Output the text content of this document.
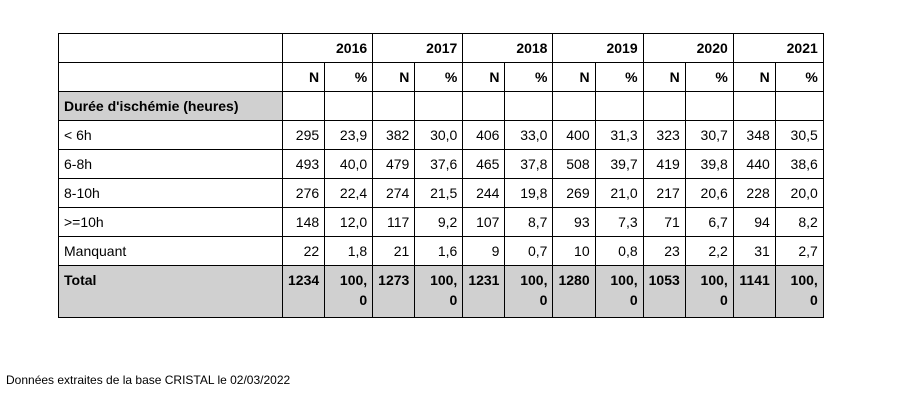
	2016		2017		2018		2019		2020		2021	
	N	%	N	%	N	%	N	%	N	%	N	%
Durée d'ischémie (heures)												
< 6h	295	23,9	382	30,0	406	33,0	400	31,3	323	30,7	348	30,5
6-8h	493	40,0	479	37,6	465	37,8	508	39,7	419	39,8	440	38,6
8-10h	276	22,4	274	21,5	244	19,8	269	21,0	217	20,6	228	20,0
>=10h	148	12,0	117	9,2	107	8,7	93	7,3	71	6,7	94	8,2
Manquant	22	1,8	21	1,6	9	0,7	10	0,8	23	2,2	31	2,7
Total	1234	100, 0	1273	100, 0	1231	100, 0	1280	100, 0	1053	100, 0	1141	100, 0
Données extraites de la base CRISTAL le 02/03/2022
